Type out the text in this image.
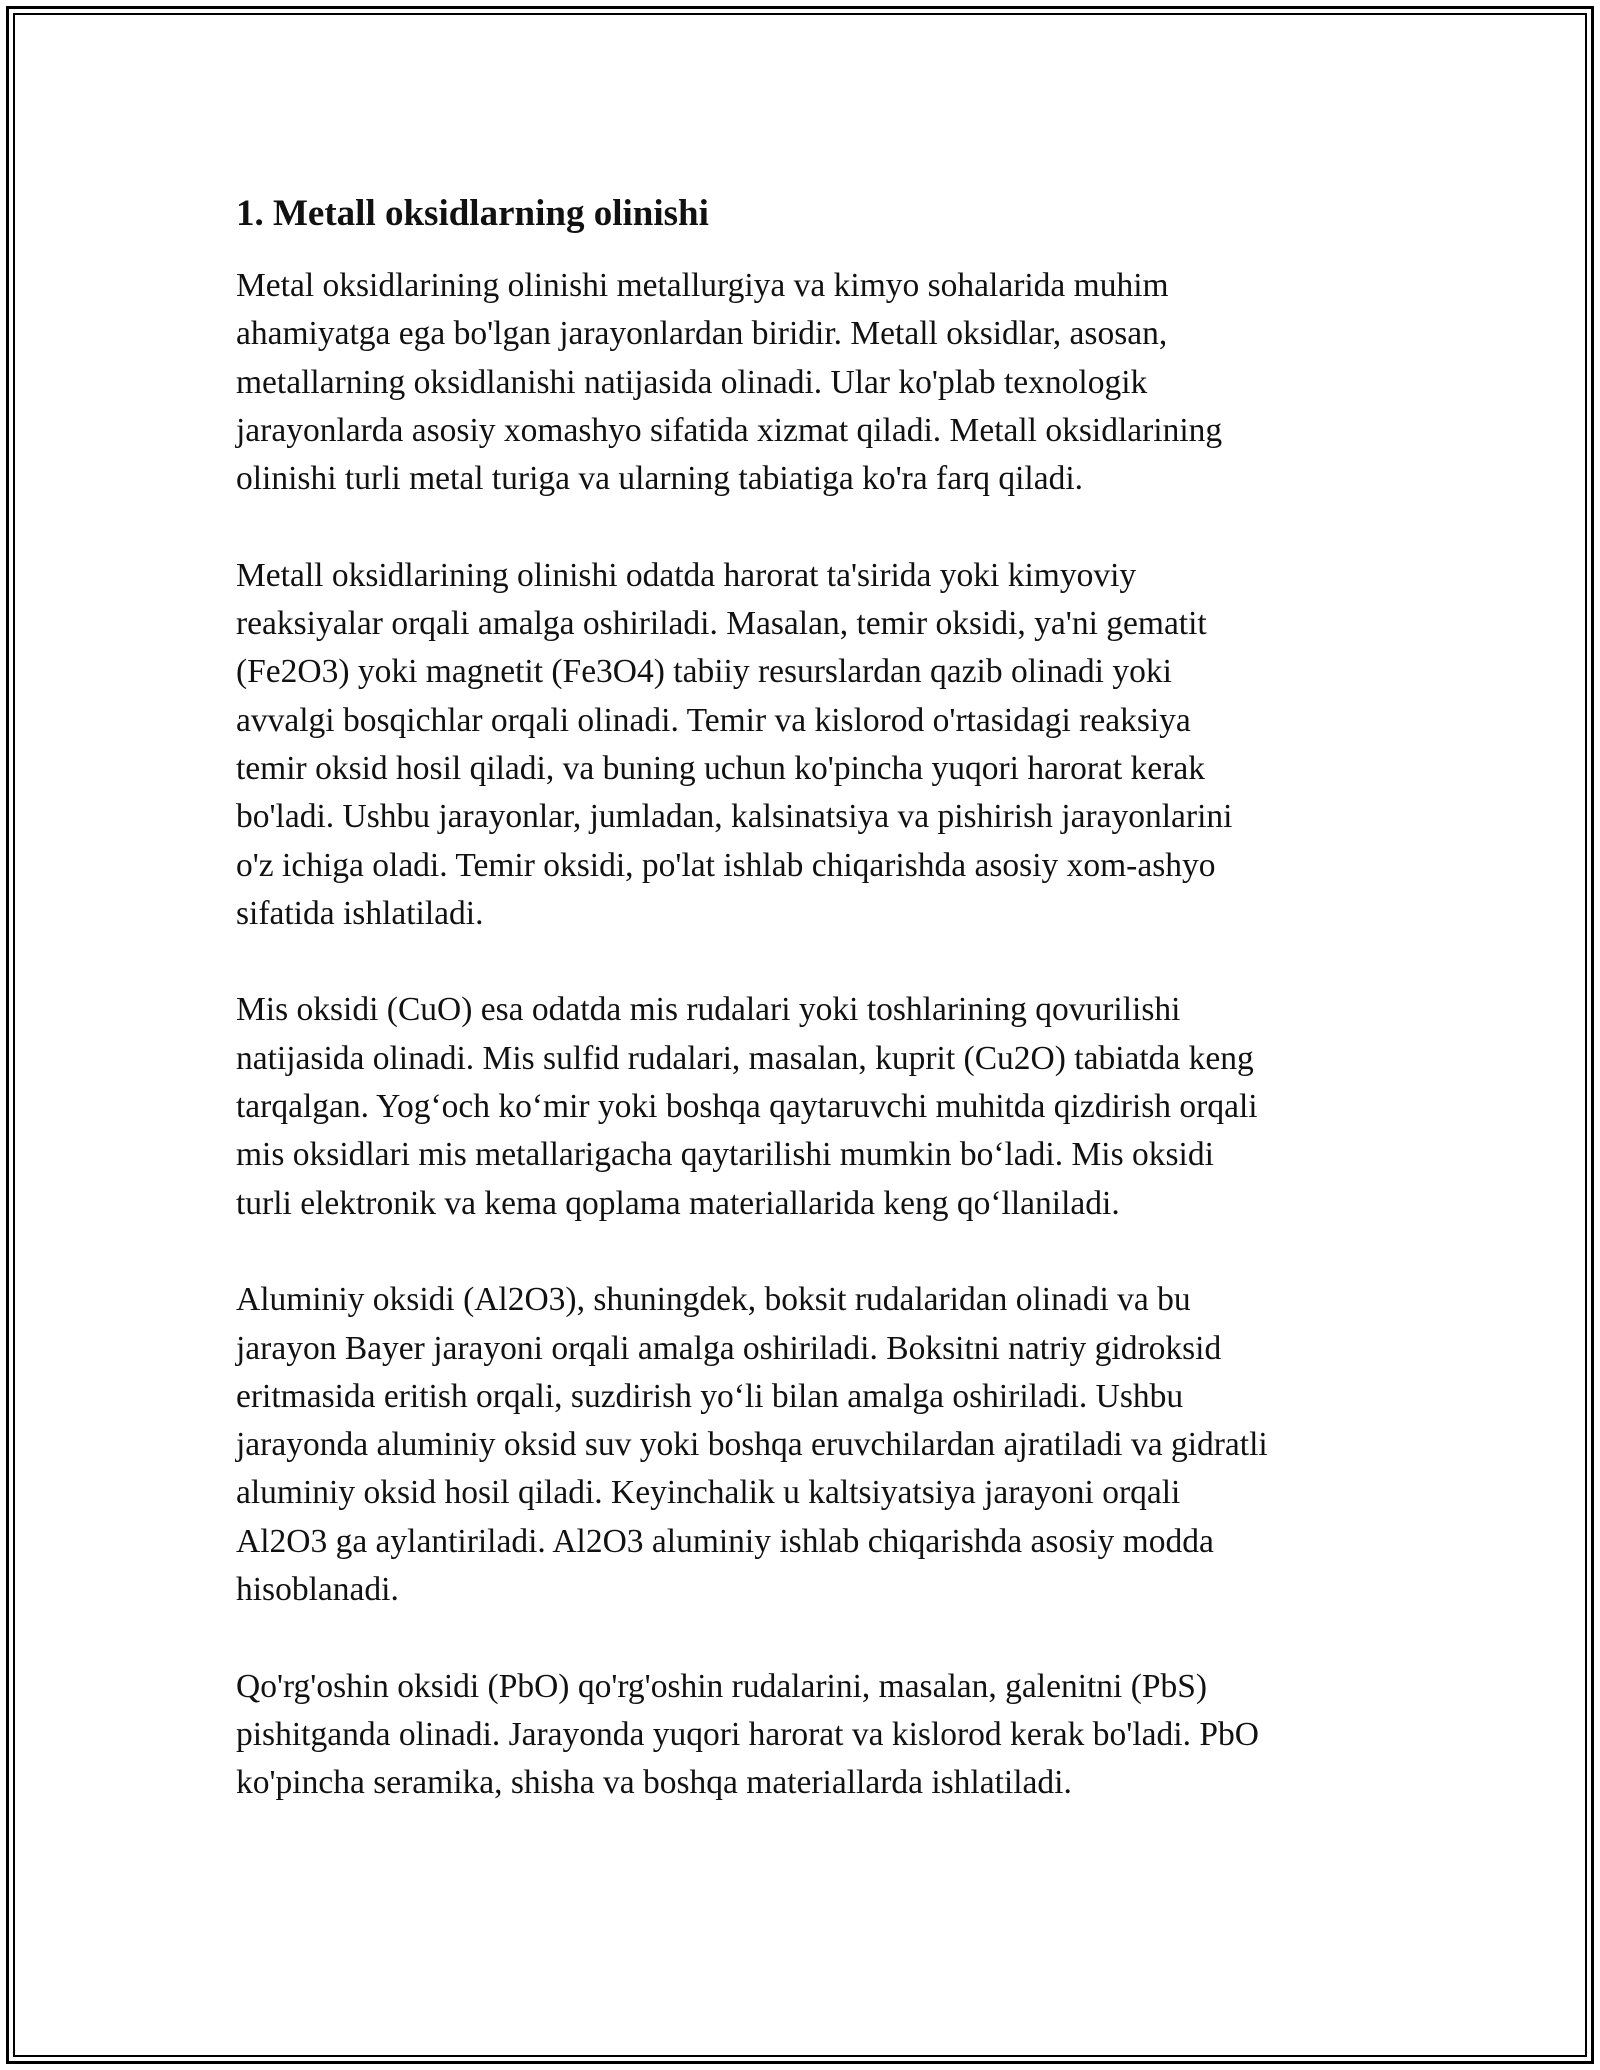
1. Metall oksidlarning olinishi

Metal oksidlarining olinishi metallurgiya va kimyo sohalarida muhim
ahamiyatga ega bo'lgan jarayonlardan biridir. Metall oksidlar, asosan,
metallarning oksidlanishi natijasida olinadi. Ular ko'plab texnologik
jarayonlarda asosiy xomashyo sifatida xizmat qiladi. Metall oksidlarining
olinishi turli metal turiga va ularning tabiatiga ko'ra farq qiladi.

Metall oksidlarining olinishi odatda harorat ta'sirida yoki kimyoviy
reaksiyalar orqali amalga oshiriladi. Masalan, temir oksidi, ya'ni gematit
(Fe2O3) yoki magnetit (Fe3O4) tabiiy resurslardan qazib olinadi yoki
avvalgi bosqichlar orqali olinadi. Temir va kislorod o'rtasidagi reaksiya
temir oksid hosil qiladi, va buning uchun ko'pincha yuqori harorat kerak
bo'ladi. Ushbu jarayonlar, jumladan, kalsinatsiya va pishirish jarayonlarini
o'z ichiga oladi. Temir oksidi, po'lat ishlab chiqarishda asosiy xom-ashyo
sifatida ishlatiladi.

Mis oksidi (CuO) esa odatda mis rudalari yoki toshlarining qovurilishi
natijasida olinadi. Mis sulfid rudalari, masalan, kuprit (Cu2O) tabiatda keng
tarqalgan. Yog‘och ko‘mir yoki boshqa qaytaruvchi muhitda qizdirish orqali
mis oksidlari mis metallarigacha qaytarilishi mumkin bo‘ladi. Mis oksidi
turli elektronik va kema qoplama materiallarida keng qo‘llaniladi.

Aluminiy oksidi (Al2O3), shuningdek, boksit rudalaridan olinadi va bu
jarayon Bayer jarayoni orqali amalga oshiriladi. Boksitni natriy gidroksid
eritmasida eritish orqali, suzdirish yo‘li bilan amalga oshiriladi. Ushbu
jarayonda aluminiy oksid suv yoki boshqa eruvchilardan ajratiladi va gidratli
aluminiy oksid hosil qiladi. Keyinchalik u kaltsiyatsiya jarayoni orqali
Al2O3 ga aylantiriladi. Al2O3 aluminiy ishlab chiqarishda asosiy modda
hisoblanadi.

Qo'rg'oshin oksidi (PbO) qo'rg'oshin rudalarini, masalan, galenitni (PbS)
pishitganda olinadi. Jarayonda yuqori harorat va kislorod kerak bo'ladi. PbO
ko'pincha seramika, shisha va boshqa materiallarda ishlatiladi.
